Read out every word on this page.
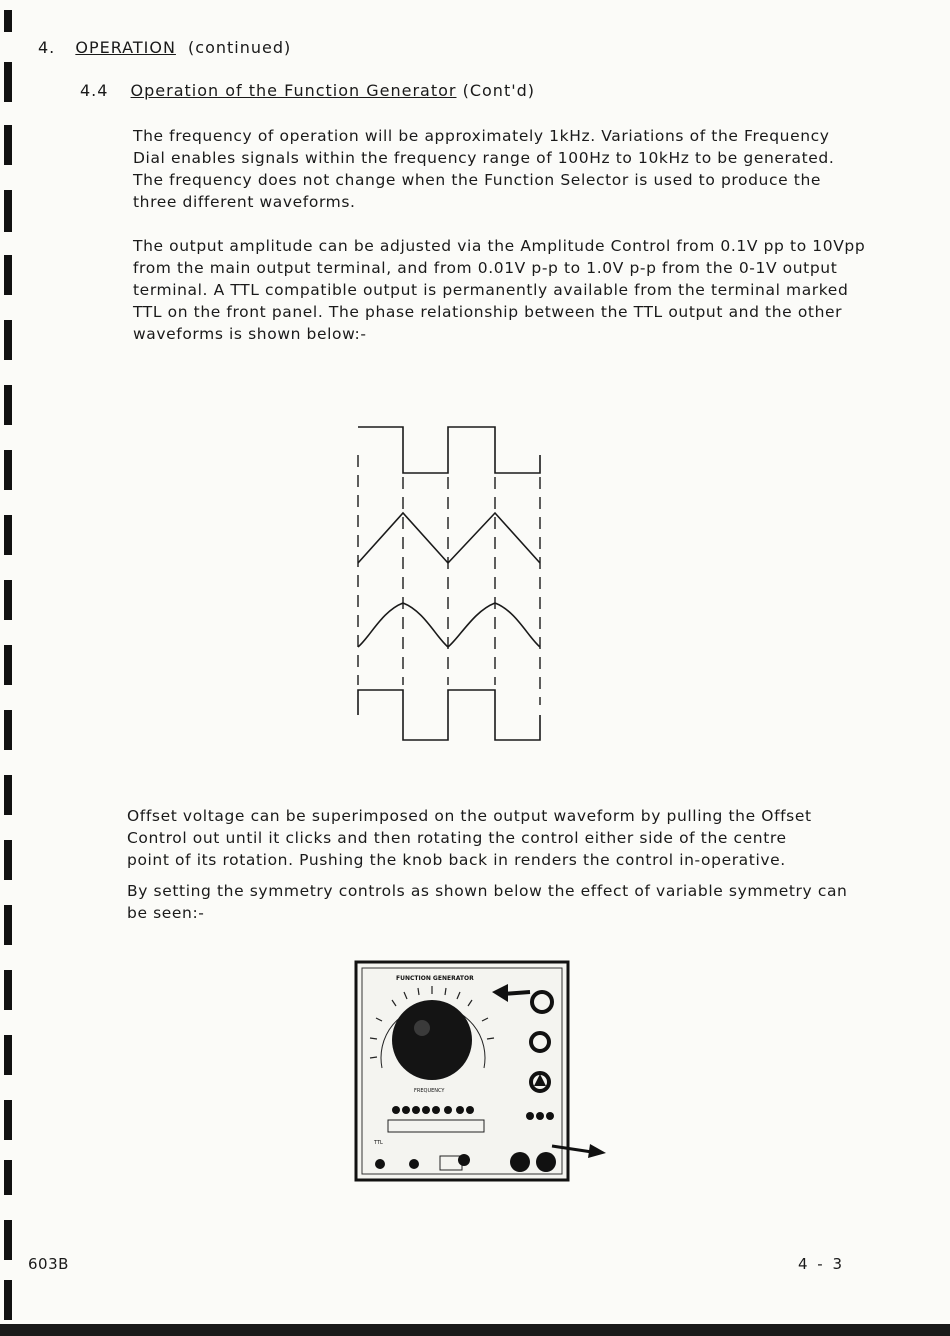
4. OPERATION (continued)
4.4 Operation of the Function Generator (Cont'd)

The frequency of operation will be approximately 1kHz. Variations of the Frequency

Dial enables signals within the frequency range of 100Hz to 10kHz to be generated.

The frequency does not change when the Function Selector is used to produce the

three different waveforms.

The output amplitude can be adjusted via the Amplitude Control from 0.1V pp to 10Vpp

from the main output terminal, and from 0.01V p-p to 1.0V p-p from the 0-1V output

terminal. A TTL compatible output is permanently available from the terminal marked

TTL on the front panel. The phase relationship between the TTL output and the other

waveforms is shown below:-

Offset voltage can be superimposed on the output waveform by pulling the Offset

Control out until it clicks and then rotating the control either side of the centre

point of its rotation. Pushing the knob back in renders the control in-operative.

By setting the symmetry controls as shown below the effect of variable symmetry can

be seen:-

FUNCTION GENERATOR
FREQUENCY
TTL
603B	4 - 3
